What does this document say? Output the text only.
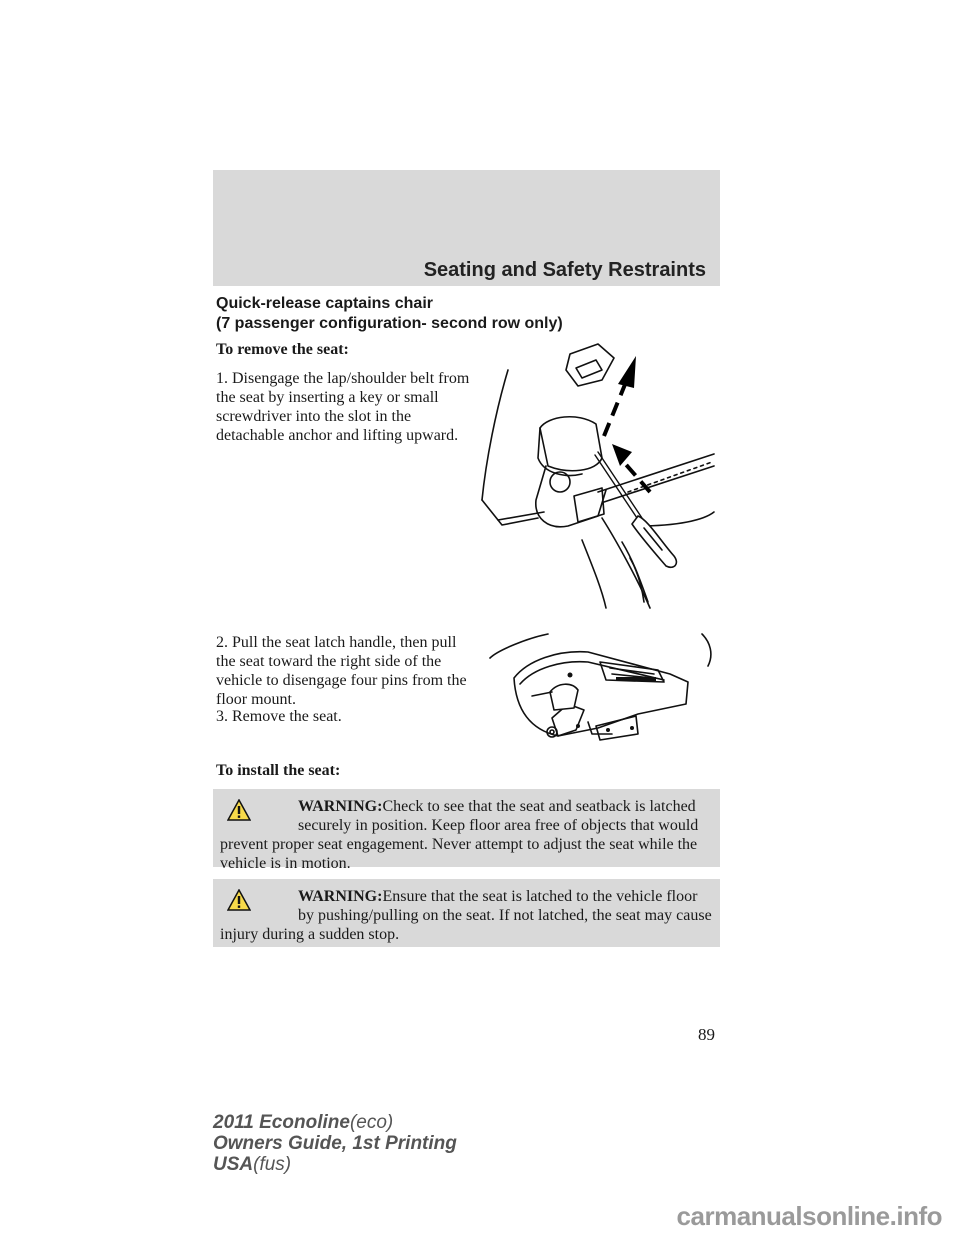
Seating and Safety Restraints
Quick-release captains chair
(7 passenger configuration- second row only)
To remove the seat:
1. Disengage the lap/shoulder belt from the seat by inserting a key or small screwdriver into the slot in the detachable anchor and lifting upward.
2. Pull the seat latch handle, then pull the seat toward the right side of the vehicle to disengage four pins from the floor mount.
3. Remove the seat.
To install the seat:
WARNING:Check to see that the seat and seatback is latched securely in position. Keep floor area free of objects that would
prevent proper seat engagement. Never attempt to adjust the seat while the vehicle is in motion.
WARNING:Ensure that the seat is latched to the vehicle floor by pushing/pulling on the seat. If not latched, the seat may cause
injury during a sudden stop.
89
2011 Econoline(eco)
Owners Guide, 1st Printing
USA(fus)
carmanualsonline.info
